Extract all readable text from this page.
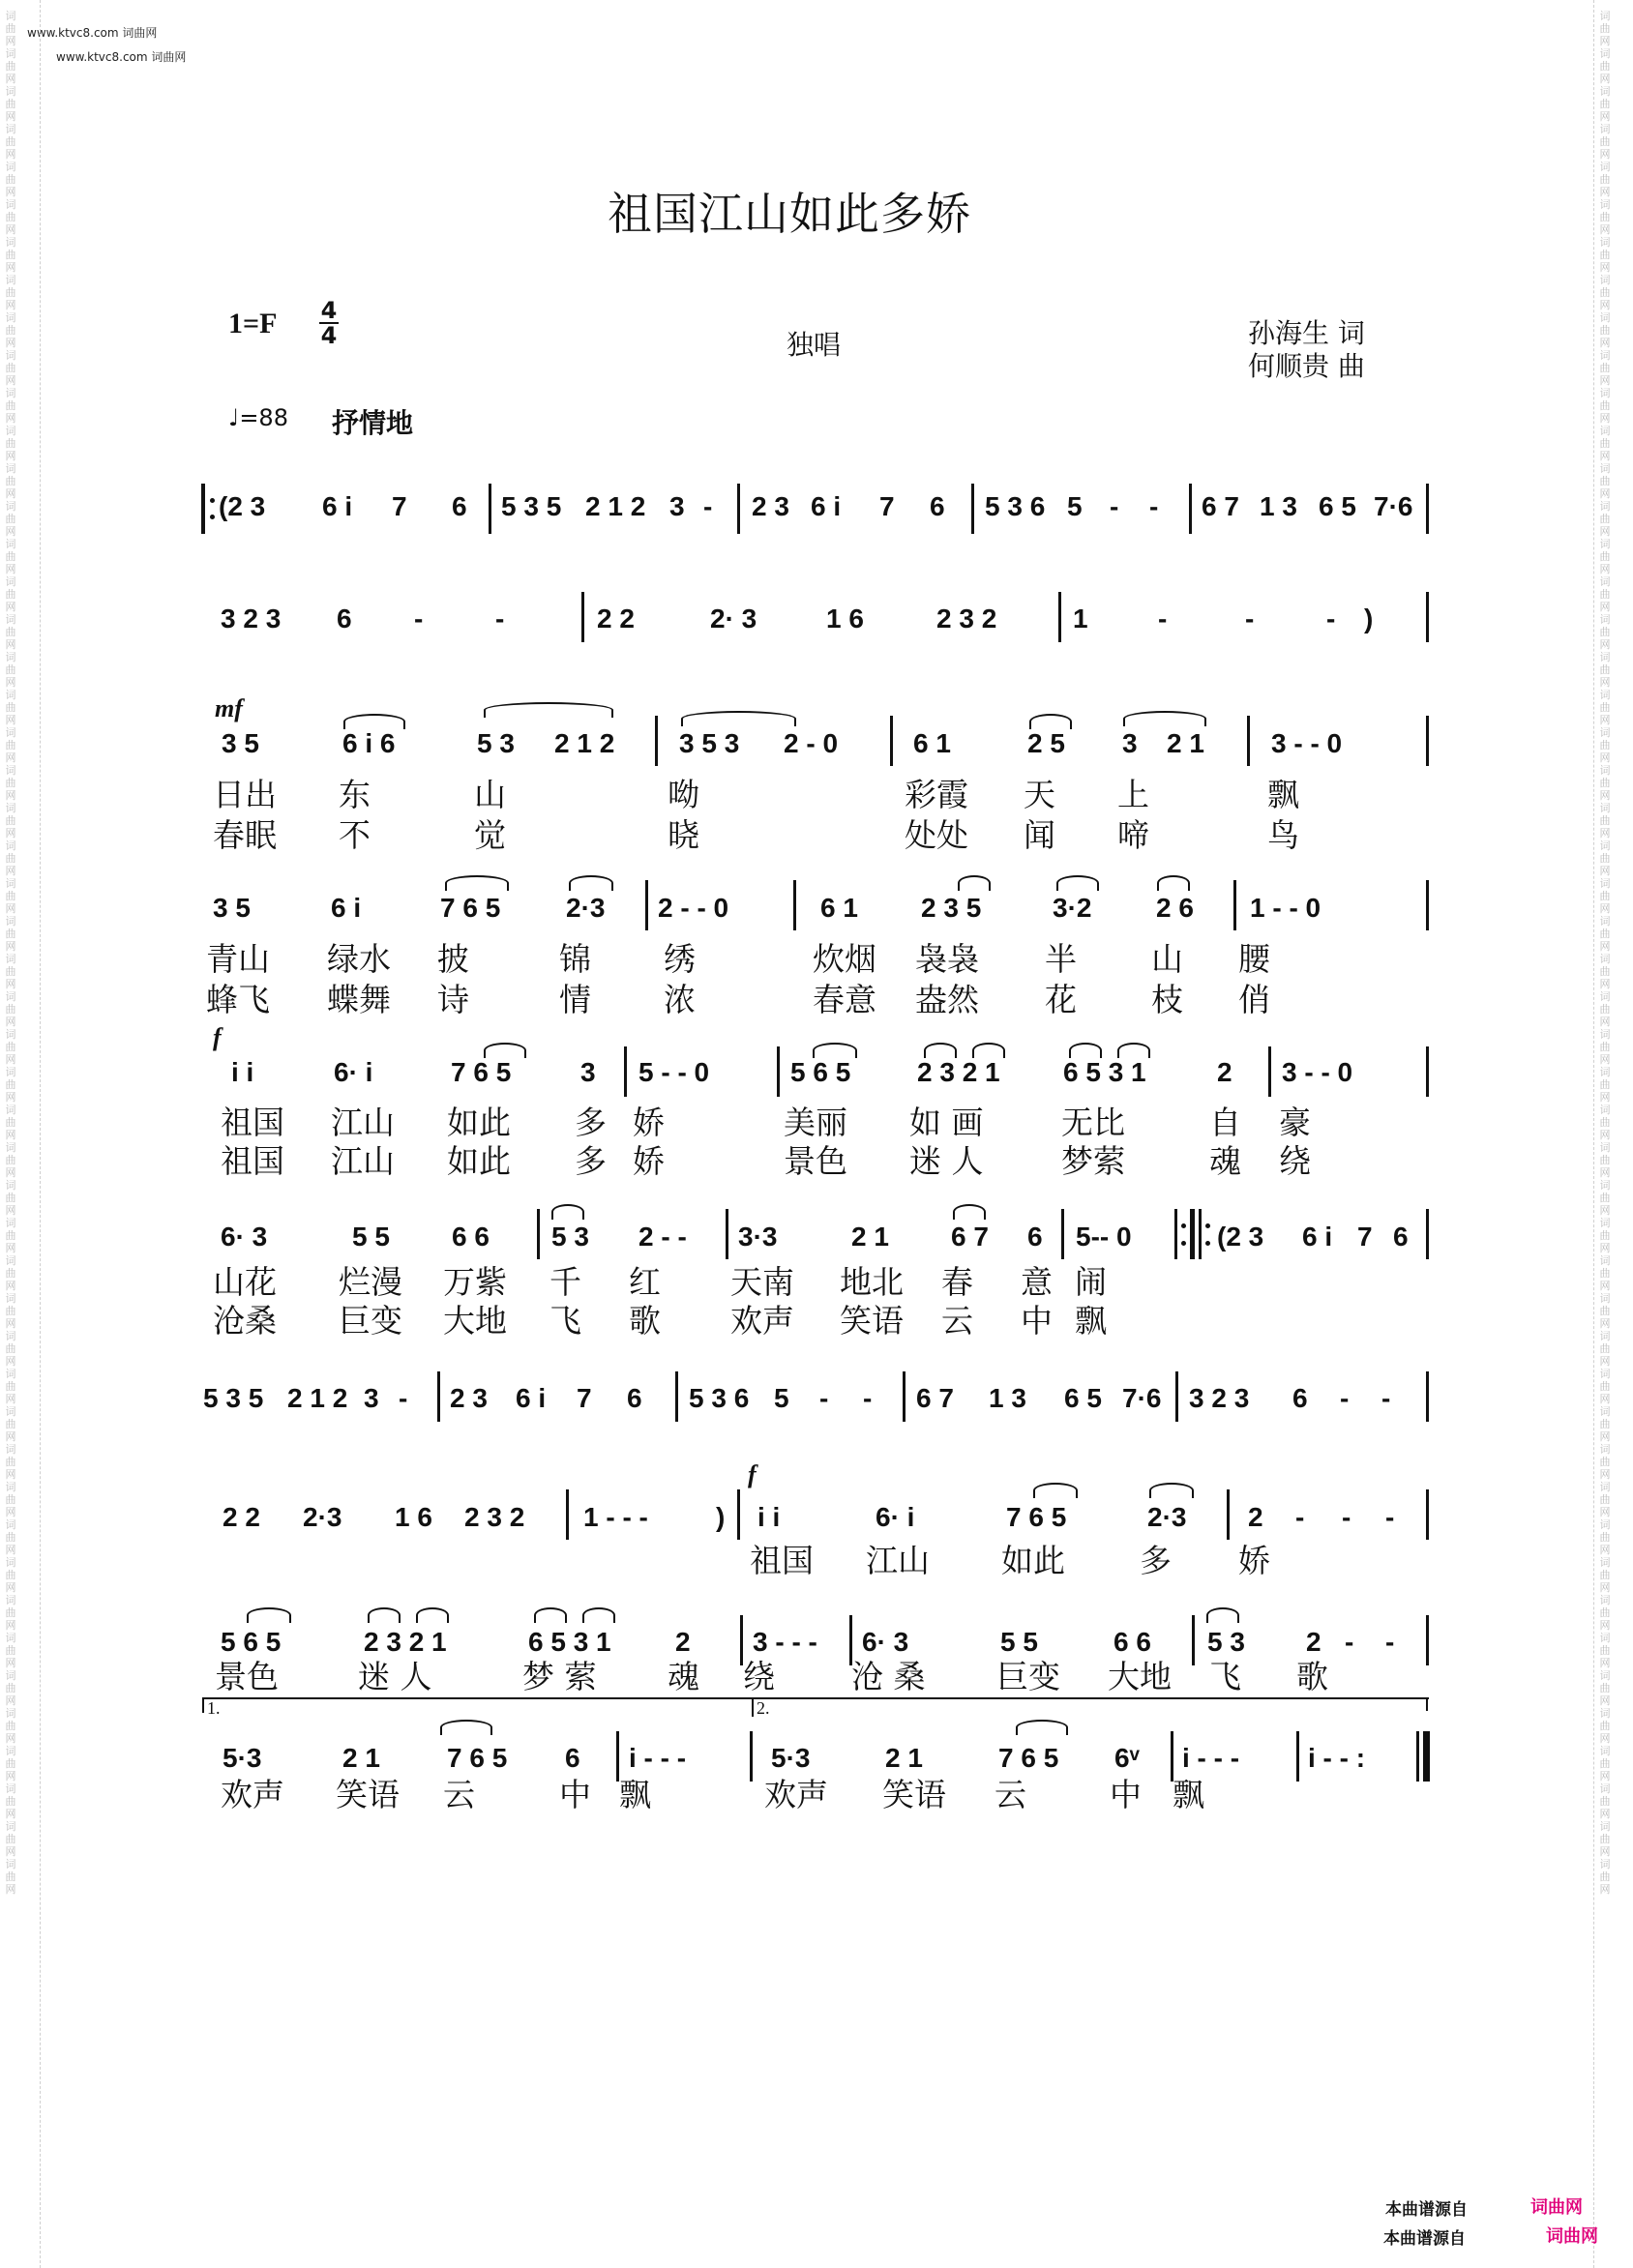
www.ktvc8.com 词曲网
www.ktvc8.com 词曲网
词曲网词曲网词曲网词曲网词曲网词曲网词曲网词曲网词曲网词曲网词曲网词曲网词曲网词曲网词曲网词曲网词曲网词曲网词曲网词曲网词曲网词曲网词曲网词曲网词曲网词曲网词曲网词曲网词曲网词曲网词曲网词曲网词曲网词曲网词曲网词曲网词曲网词曲网词曲网词曲网词曲网词曲网词曲网词曲网词曲网词曲网词曲网词曲网词曲网词曲网
词曲网词曲网词曲网词曲网词曲网词曲网词曲网词曲网词曲网词曲网词曲网词曲网词曲网词曲网词曲网词曲网词曲网词曲网词曲网词曲网词曲网词曲网词曲网词曲网词曲网词曲网词曲网词曲网词曲网词曲网词曲网词曲网词曲网词曲网词曲网词曲网词曲网词曲网词曲网词曲网词曲网词曲网词曲网词曲网词曲网词曲网词曲网词曲网词曲网词曲网
祖国江山如此多娇
1=F 4
4	独唱	孙海生 词
何顺贵 曲
♩=88 抒情地
(2 3 6 i 7 6 5 3 5 2 1 2 3 - 2 3 6 i 7 6 5 3 6 5 - - 6 7 1 3 6 5 7·6
3 2 3 6 -	-	2 2	2· 3	1 6	2 3 2	1	-	-	- )
mf
3 5	6 i 6	5 3 2 1 2 3 5 3 2 - 0	6 1	2 5 3 2 1 3 - - 0
日出 东	山	呦	彩霞 天 上	飘
春眠 不	觉	晓	处处 闻 啼	鸟
3 5	6 i	7 6 5 2·3 2 - - 0	6 1 2 3 5	3·2 2 6 1 - - 0
青山 绿水 披	锦 绣	炊烟 袅袅 半 山 腰
蜂飞 蝶舞 诗	情 浓	春意 盎然 花 枝 俏
f
i i	6· i	7 6 5	3 5 - - 0	5 6 5 2 3 2 1 6 5 3 1	2 3 - - 0
祖国 江山 如此 多 娇	美丽 如 画 无比	自 豪
祖国 江山 如此 多 娇	景色 迷 人 梦萦	魂 绕
6· 3	5 5 6 6 5 3 2 - - 3·3	2 1 6 7 6 5-- 0	(2 3 6 i 7 6
山花 烂漫 万紫 千 红 天南 地北 春 意 闹
沧桑 巨变 大地 飞 歌 欢声 笑语 云 中 飘
5 3 5 2 1 2 3 - 2 3 6 i 7 6 5 3 6 5 - - 6 7 1 3 6 5 7·6 3 2 3 6 - -
f
2 2 2·3 1 6 2 3 2 1 - - -	) i i	6· i	7 6 5	2·3 2 - - -
祖国 江山 如此 多 娇
5 6 5	2 3 2 1	6 5 3 1 2 3 - - - 6· 3	5 5	6 6 5 3 2 - -
景色 迷 人	梦 萦 魂 绕 沧 桑 巨变 大地 飞 歌
1.	2.
5·3	2 1 7 6 5 6 i - - -	5·3	2 1	7 6 5 6ᵛ i - - -	i - - :
欢声 笑语 云	中 飘	欢声 笑语 云	中 飘
本曲谱源自	词曲网
本曲谱源自	词曲网
